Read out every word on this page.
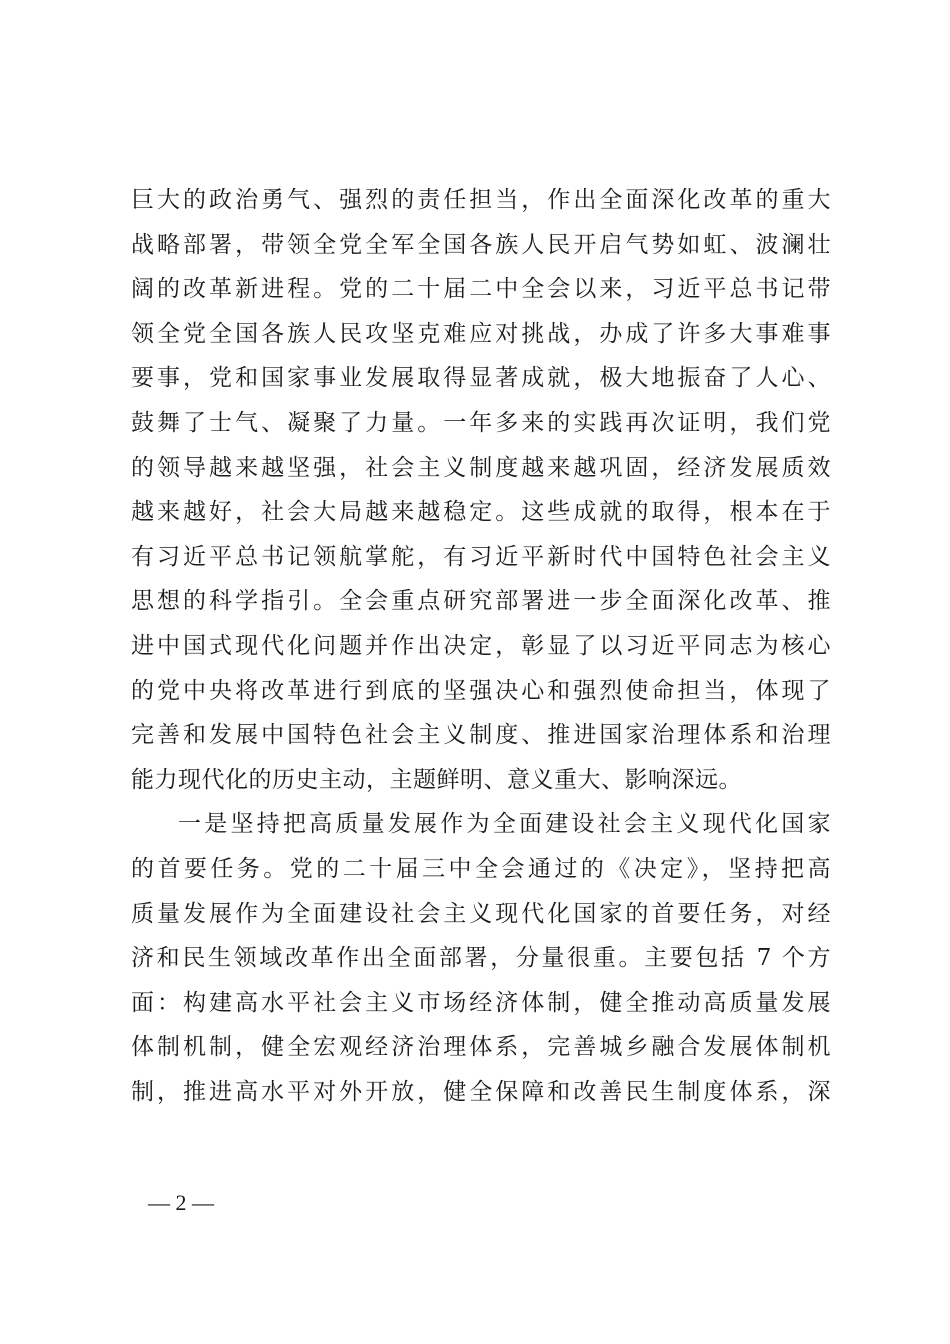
巨大的政治勇气、强烈的责任担当，作出全面深化改革的重大
战略部署，带领全党全军全国各族人民开启气势如虹、波澜壮
阔的改革新进程。党的二十届二中全会以来，习近平总书记带
领全党全国各族人民攻坚克难应对挑战，办成了许多大事难事
要事，党和国家事业发展取得显著成就，极大地振奋了人心、
鼓舞了士气、凝聚了力量。一年多来的实践再次证明，我们党
的领导越来越坚强，社会主义制度越来越巩固，经济发展质效
越来越好，社会大局越来越稳定。这些成就的取得，根本在于
有习近平总书记领航掌舵，有习近平新时代中国特色社会主义
思想的科学指引。全会重点研究部署进一步全面深化改革、推
进中国式现代化问题并作出决定，彰显了以习近平同志为核心
的党中央将改革进行到底的坚强决心和强烈使命担当，体现了
完善和发展中国特色社会主义制度、推进国家治理体系和治理
能力现代化的历史主动，主题鲜明、意义重大、影响深远。
一是坚持把高质量发展作为全面建设社会主义现代化国家
的首要任务。党的二十届三中全会通过的《决定》，坚持把高
质量发展作为全面建设社会主义现代化国家的首要任务，对经
济和民生领域改革作出全面部署，分量很重。主要包括 7 个方
面：构建高水平社会主义市场经济体制，健全推动高质量发展
体制机制，健全宏观经济治理体系，完善城乡融合发展体制机
制，推进高水平对外开放，健全保障和改善民生制度体系，深
— 2 —
